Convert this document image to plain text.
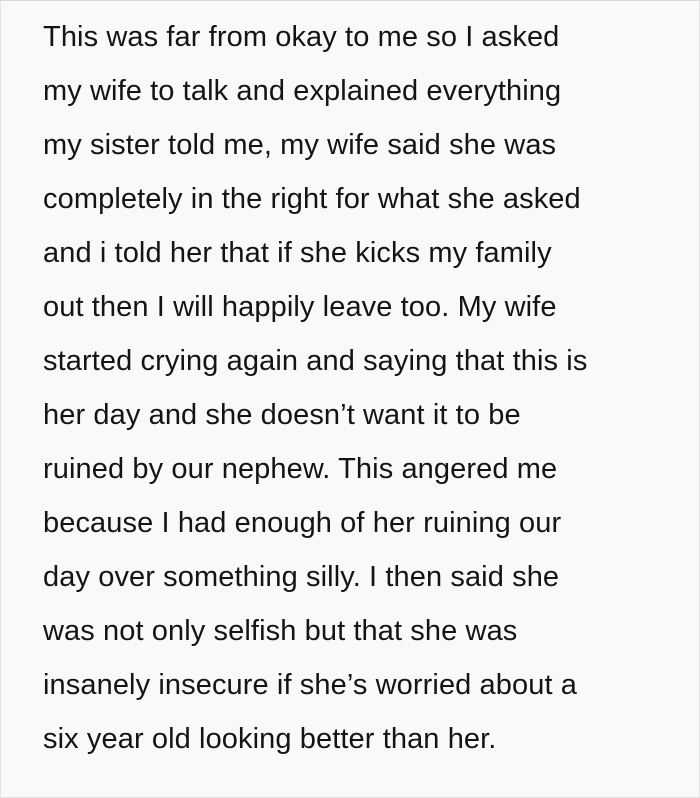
This was far from okay to me so I asked
my wife to talk and explained everything
my sister told me, my wife said she was
completely in the right for what she asked
and i told her that if she kicks my family
out then I will happily leave too. My wife
started crying again and saying that this is
her day and she doesn’t want it to be
ruined by our nephew. This angered me
because I had enough of her ruining our
day over something silly. I then said she
was not only selfish but that she was
insanely insecure if she’s worried about a
six year old looking better than her.
